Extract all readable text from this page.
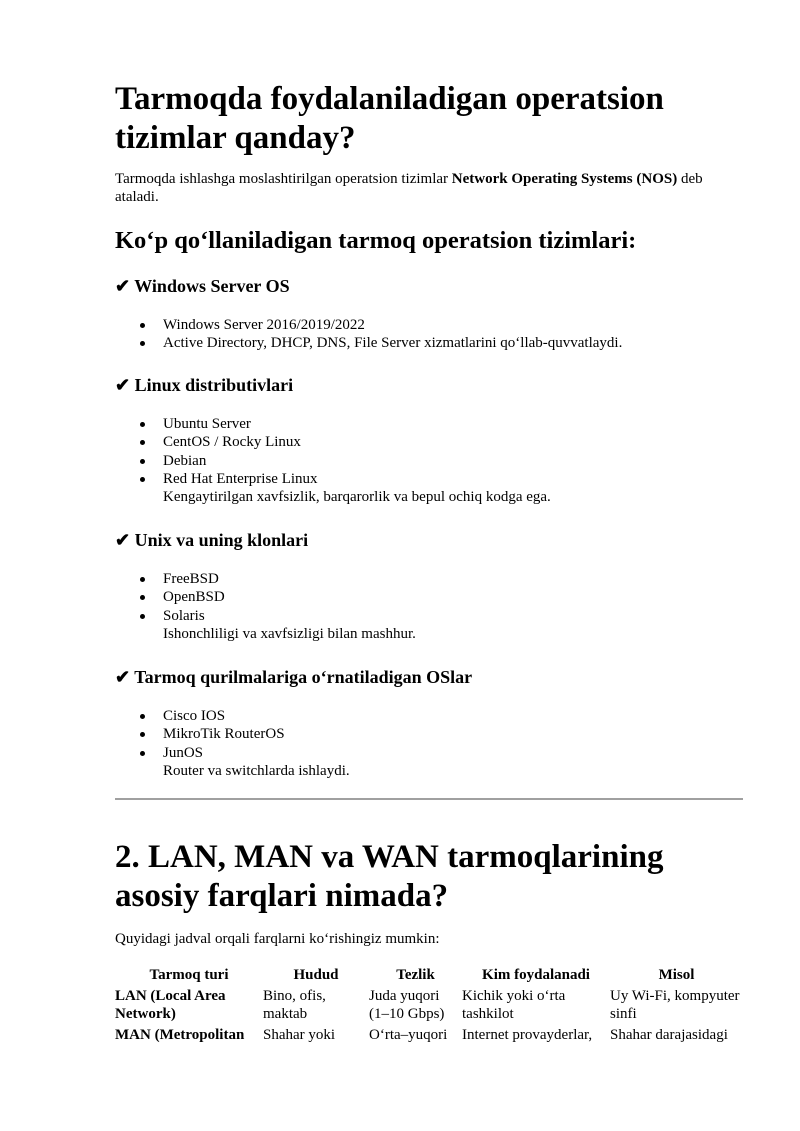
Tarmoqda foydalaniladigan operatsion tizimlar qanday?

Tarmoqda ishlashga moslashtirilgan operatsion tizimlar Network Operating Systems (NOS) deb ataladi.

Koʻp qoʻllaniladigan tarmoq operatsion tizimlari:
✔ Windows Server OS
Windows Server 2016/2019/2022
Active Directory, DHCP, DNS, File Server xizmatlarini qoʻllab-quvvatlaydi.
✔ Linux distributivlari
Ubuntu Server
CentOS / Rocky Linux
Debian
Red Hat Enterprise Linux
Kengaytirilgan xavfsizlik, barqarorlik va bepul ochiq kodga ega.
✔ Unix va uning klonlari
FreeBSD
OpenBSD
Solaris
Ishonchliligi va xavfsizligi bilan mashhur.
✔ Tarmoq qurilmalariga oʻrnatiladigan OSlar
Cisco IOS
MikroTik RouterOS
JunOS
Router va switchlarda ishlaydi.
2. LAN, MAN va WAN tarmoqlarining asosiy farqlari nimada?

Quyidagi jadval orqali farqlarni koʻrishingiz mumkin:

Tarmoq turi	Hudud	Tezlik	Kim foydalanadi	Misol
LAN (Local Area Network)	Bino, ofis, maktab	Juda yuqori (1–10 Gbps)	Kichik yoki oʻrta tashkilot	Uy Wi-Fi, kompyuter sinfi
MAN (Metropolitan	Shahar yoki	Oʻrta–yuqori	Internet provayderlar,	Shahar darajasidagi
